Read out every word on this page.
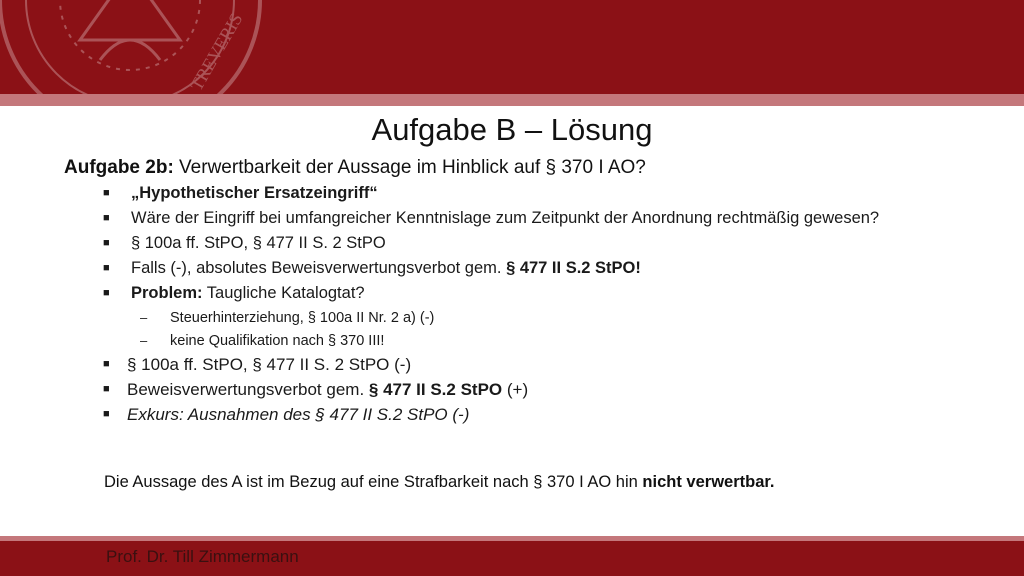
TREVERIS
Aufgabe B – Lösung
Aufgabe 2b: Verwertbarkeit der Aussage im Hinblick auf § 370 I AO?
■ „Hypothetischer Ersatzeingriff“
■ Wäre der Eingriff bei umfangreicher Kenntnislage zum Zeitpunkt der Anordnung rechtmäßig gewesen?
■ § 100a ff. StPO, § 477 II S. 2 StPO
■ Falls (-), absolutes Beweisverwertungsverbot gem. § 477 II S.2 StPO!
■ Problem: Taugliche Katalogtat?
– Steuerhinterziehung, § 100a II Nr. 2 a) (-)
– keine Qualifikation nach § 370 III!
■ § 100a ff. StPO, § 477 II S. 2 StPO (-)
■ Beweisverwertungsverbot gem. § 477 II S.2 StPO (+)
■ Exkurs: Ausnahmen des § 477 II S.2 StPO (-)
Die Aussage des A ist im Bezug auf eine Strafbarkeit nach § 370 I AO hin nicht verwertbar.
Prof. Dr. Till Zimmermann
